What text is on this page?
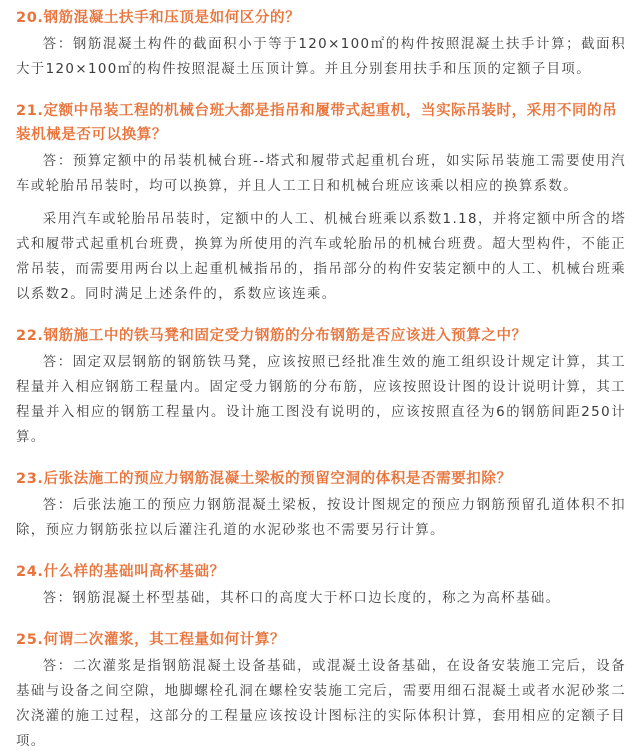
20.钢筋混凝土扶手和压顶是如何区分的？

答：钢筋混凝土构件的截面积小于等于120×100㎡的构件按照混凝土扶手计算；截面积大于120×100㎡的构件按照混凝土压顶计算。并且分别套用扶手和压顶的定额子目项。

21.定额中吊装工程的机械台班大都是指吊和履带式起重机，当实际吊装时，采用不同的吊装机械是否可以换算？

答：预算定额中的吊装机械台班--塔式和履带式起重机台班，如实际吊装施工需要使用汽车或轮胎吊吊装时，均可以换算，并且人工工日和机械台班应该乘以相应的换算系数。

采用汽车或轮胎吊吊装时，定额中的人工、机械台班乘以系数1.18，并将定额中所含的塔式和履带式起重机台班费，换算为所使用的汽车或轮胎吊的机械台班费。超大型构件，不能正常吊装，而需要用两台以上起重机械指吊的，指吊部分的构件安装定额中的人工、机械台班乘以系数2。同时满足上述条件的，系数应该连乘。

22.钢筋施工中的铁马凳和固定受力钢筋的分布钢筋是否应该进入预算之中？

答：固定双层钢筋的钢筋铁马凳，应该按照已经批准生效的施工组织设计规定计算，其工程量并入相应钢筋工程量内。固定受力钢筋的分布筋，应该按照设计图的设计说明计算，其工程量并入相应的钢筋工程量内。设计施工图没有说明的，应该按照直径为6的钢筋间距250计算。

23.后张法施工的预应力钢筋混凝土梁板的预留空洞的体积是否需要扣除？

答：后张法施工的预应力钢筋混凝土梁板，按设计图规定的预应力钢筋预留孔道体积不扣除，预应力钢筋张拉以后灌注孔道的水泥砂浆也不需要另行计算。

24.什么样的基础叫高杯基础？

答：钢筋混凝土杯型基础，其杯口的高度大于杯口边长度的，称之为高杯基础。

25.何谓二次灌浆，其工程量如何计算？

答：二次灌浆是指钢筋混凝土设备基础，或混凝土设备基础，在设备安装施工完后，设备基础与设备之间空隙，地脚螺栓孔洞在螺栓安装施工完后，需要用细石混凝土或者水泥砂浆二次浇灌的施工过程，这部分的工程量应该按设计图标注的实际体积计算，套用相应的定额子目项。
